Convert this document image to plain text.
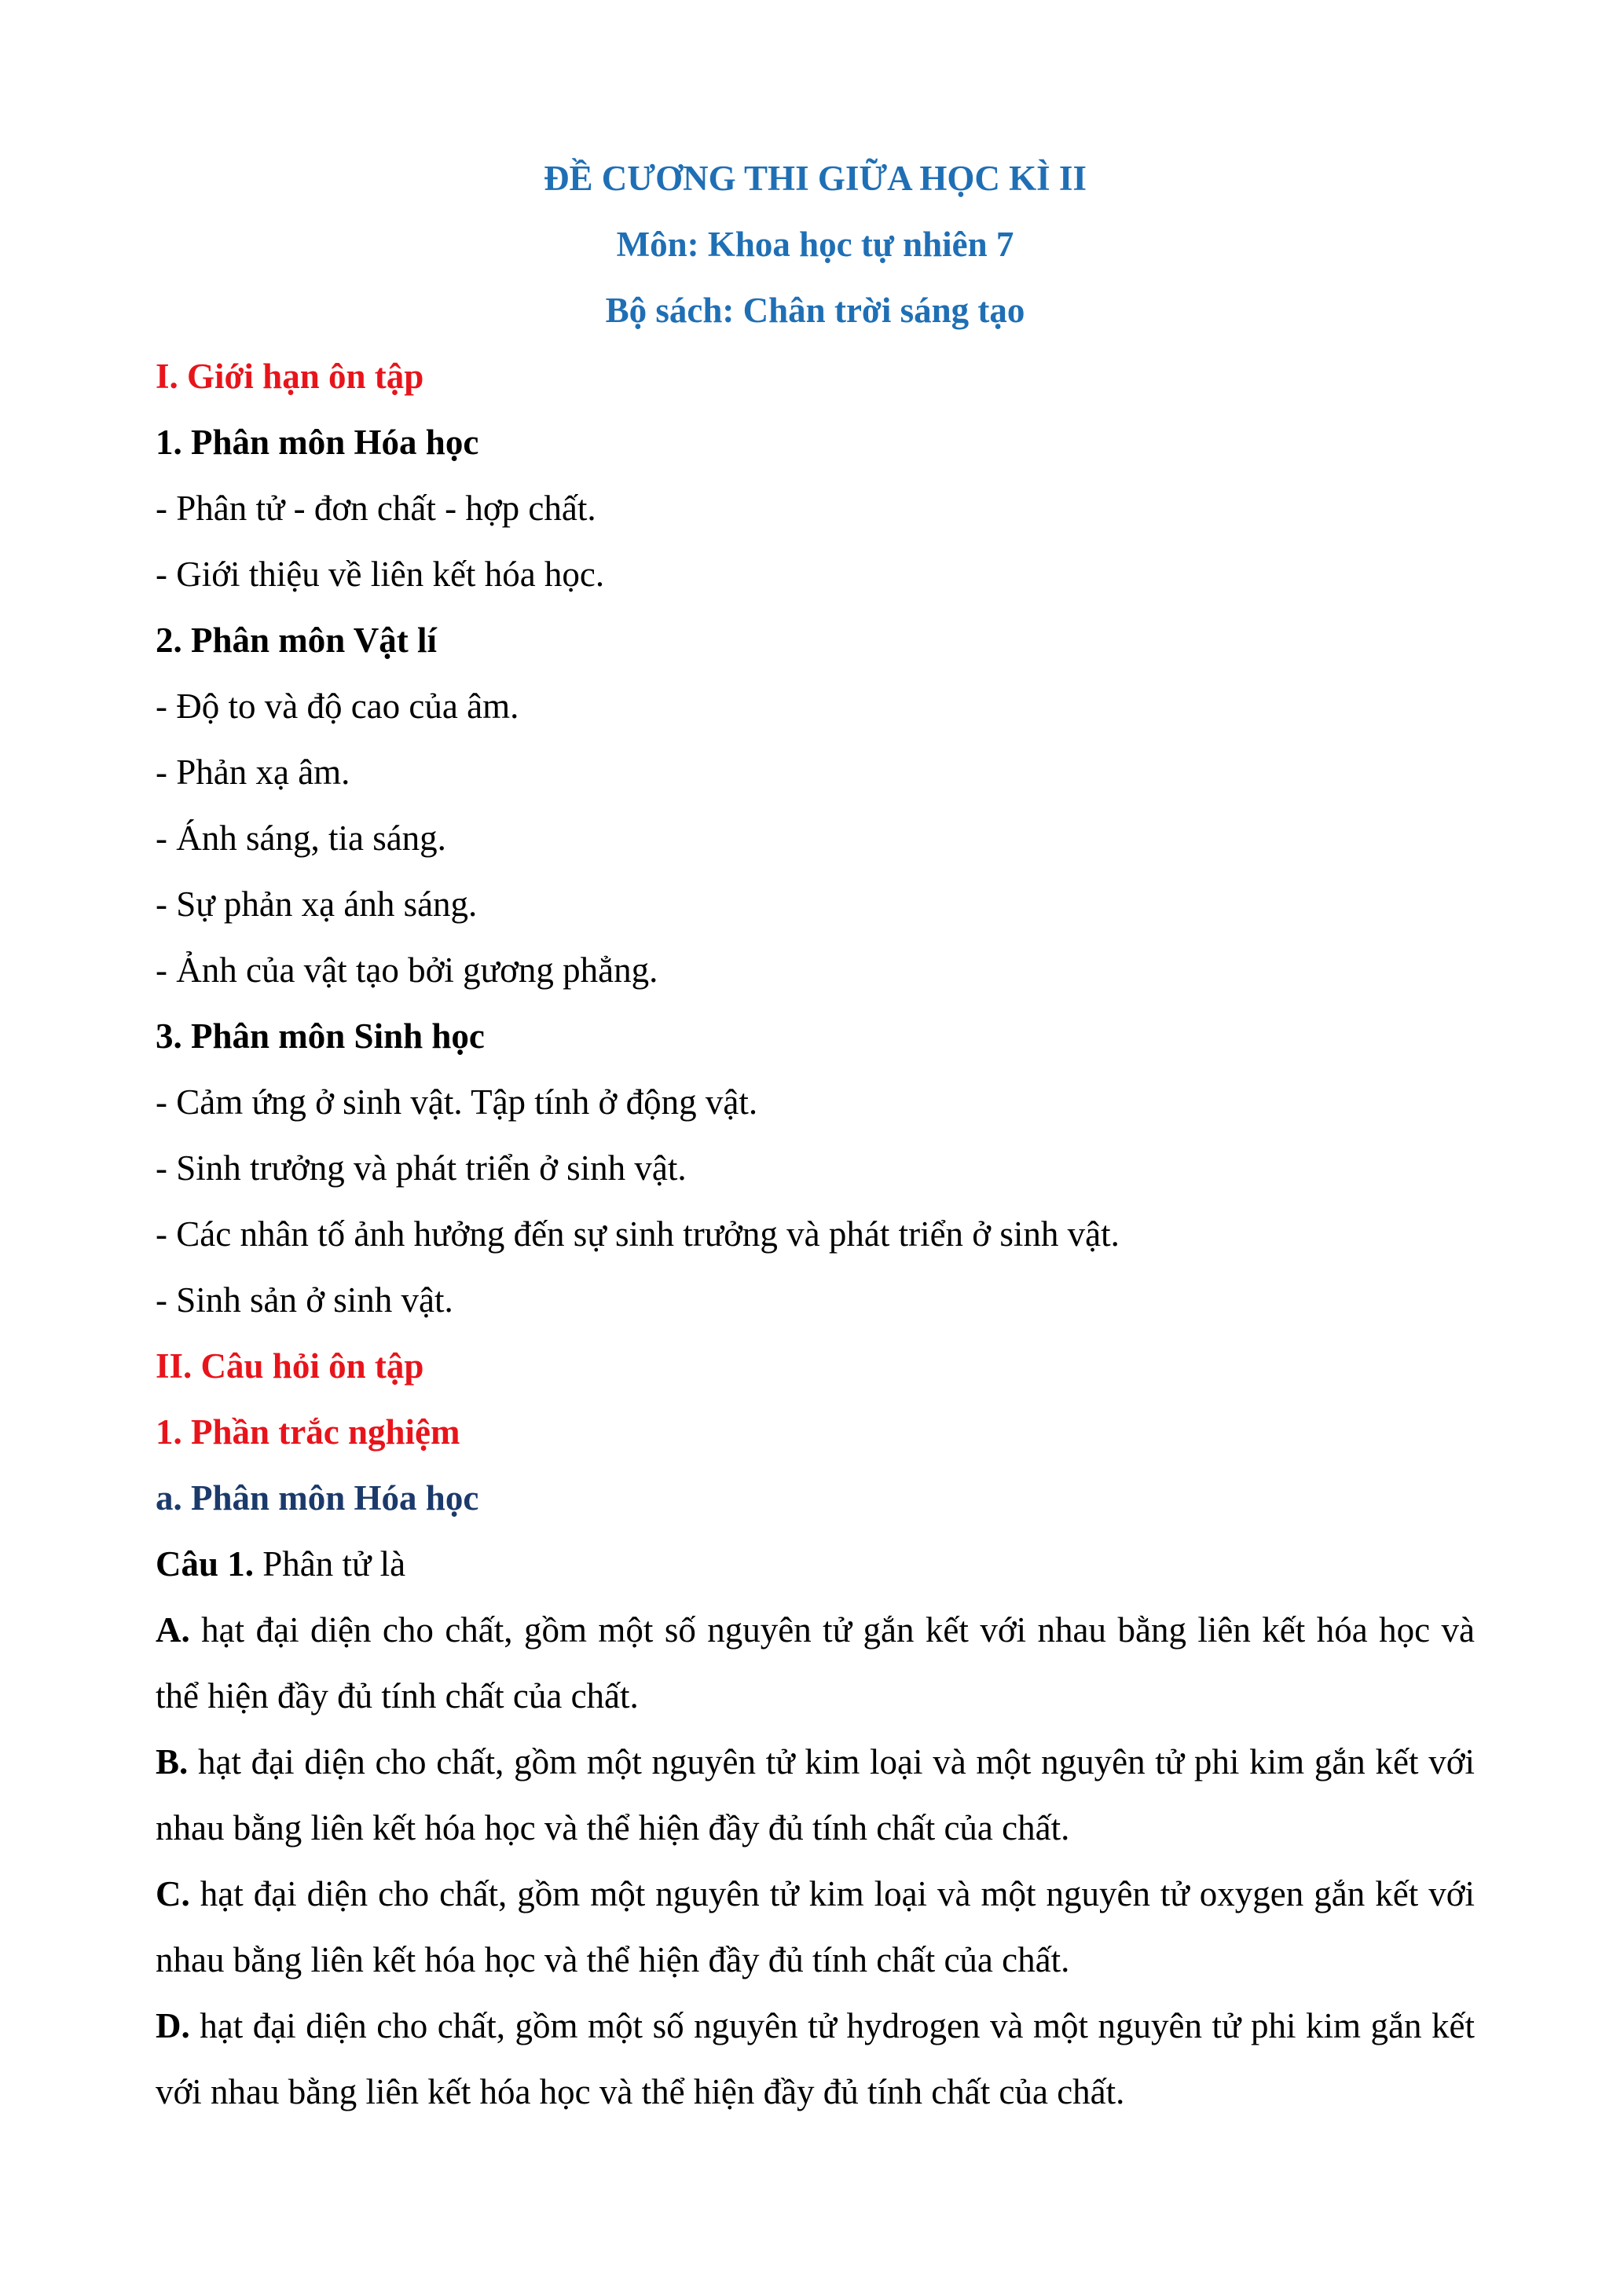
ĐỀ CƯƠNG THI GIỮA HỌC KÌ II
Môn: Khoa học tự nhiên 7
Bộ sách: Chân trời sáng tạo
I. Giới hạn ôn tập
1. Phân môn Hóa học
- Phân tử - đơn chất - hợp chất.
- Giới thiệu về liên kết hóa học.
2. Phân môn Vật lí
- Độ to và độ cao của âm.
- Phản xạ âm.
- Ánh sáng, tia sáng.
- Sự phản xạ ánh sáng.
- Ảnh của vật tạo bởi gương phẳng.
3. Phân môn Sinh học
- Cảm ứng ở sinh vật. Tập tính ở động vật.
- Sinh trưởng và phát triển ở sinh vật.
- Các nhân tố ảnh hưởng đến sự sinh trưởng và phát triển ở sinh vật.
- Sinh sản ở sinh vật.
II. Câu hỏi ôn tập
1. Phần trắc nghiệm
a. Phân môn Hóa học
Câu 1. Phân tử là
A. hạt đại diện cho chất, gồm một số nguyên tử gắn kết với nhau bằng liên kết hóa học và thể hiện đầy đủ tính chất của chất.
B. hạt đại diện cho chất, gồm một nguyên tử kim loại và một nguyên tử phi kim gắn kết với nhau bằng liên kết hóa học và thể hiện đầy đủ tính chất của chất.
C. hạt đại diện cho chất, gồm một nguyên tử kim loại và một nguyên tử oxygen gắn kết với nhau bằng liên kết hóa học và thể hiện đầy đủ tính chất của chất.
D. hạt đại diện cho chất, gồm một số nguyên tử hydrogen và một nguyên tử phi kim gắn kết với nhau bằng liên kết hóa học và thể hiện đầy đủ tính chất của chất.
